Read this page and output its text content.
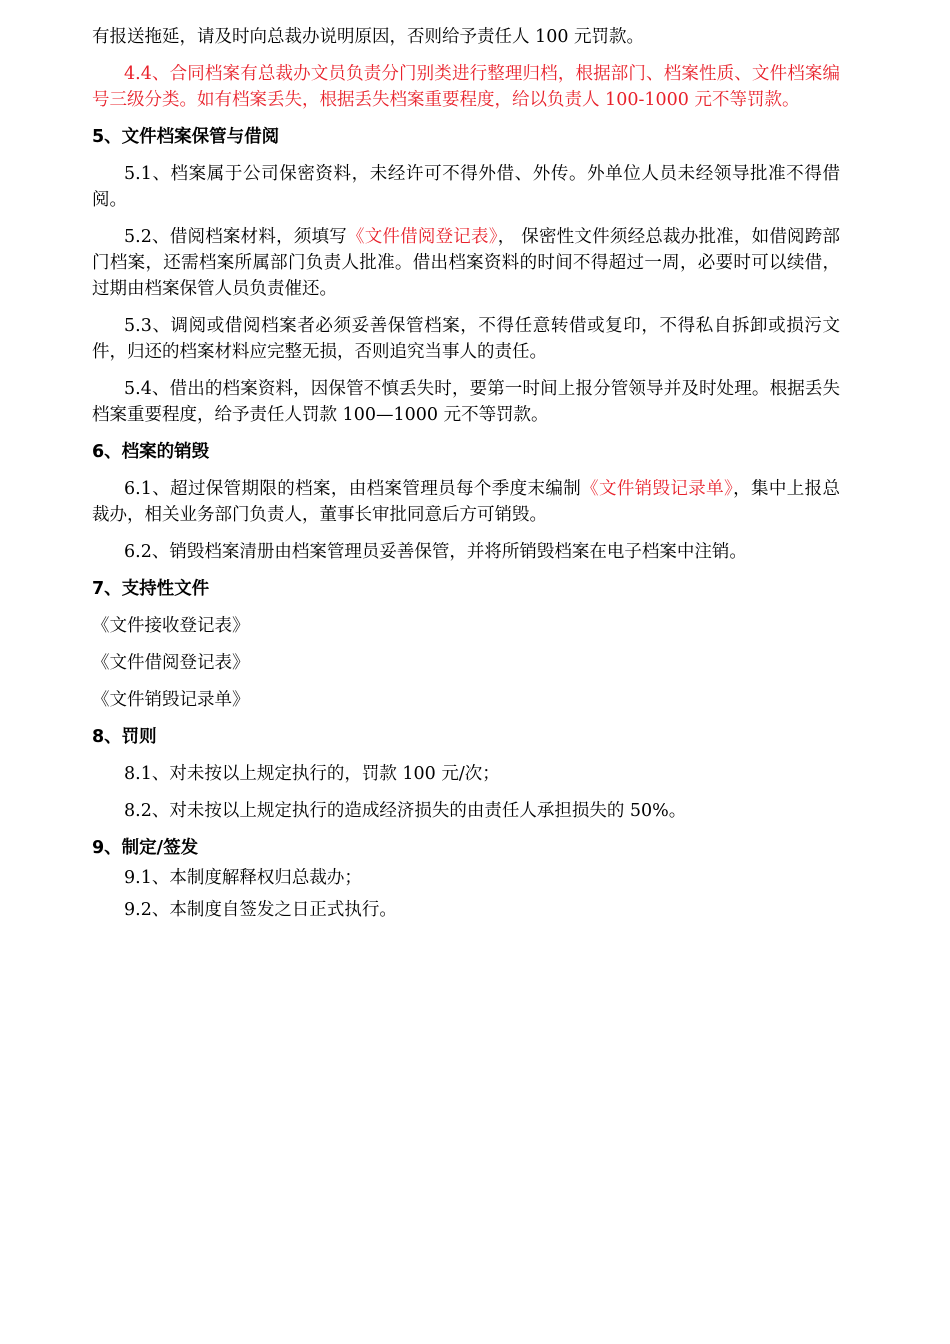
有报送拖延，请及时向总裁办说明原因，否则给予责任人 100 元罚款。

4.4、合同档案有总裁办文员负责分门别类进行整理归档，根据部门、档案性质、文件档案编号三级分类。如有档案丢失，根据丢失档案重要程度，给以负责人 100-1000 元不等罚款。

5、文件档案保管与借阅

5.1、档案属于公司保密资料，未经许可不得外借、外传。外单位人员未经领导批准不得借阅。

5.2、借阅档案材料，须填写《文件借阅登记表》， 保密性文件须经总裁办批准，如借阅跨部门档案，还需档案所属部门负责人批准。借出档案资料的时间不得超过一周，必要时可以续借，过期由档案保管人员负责催还。

5.3、调阅或借阅档案者必须妥善保管档案，不得任意转借或复印，不得私自拆卸或损污文件，归还的档案材料应完整无损，否则追究当事人的责任。

5.4、借出的档案资料，因保管不慎丢失时，要第一时间上报分管领导并及时处理。根据丢失档案重要程度，给予责任人罚款 100—1000 元不等罚款。

6、档案的销毁

6.1、超过保管期限的档案，由档案管理员每个季度末编制《文件销毁记录单》，集中上报总裁办，相关业务部门负责人，董事长审批同意后方可销毁。

6.2、销毁档案清册由档案管理员妥善保管，并将所销毁档案在电子档案中注销。

7、支持性文件

《文件接收登记表》

《文件借阅登记表》

《文件销毁记录单》

8、罚则

8.1、对未按以上规定执行的，罚款 100 元/次；

8.2、对未按以上规定执行的造成经济损失的由责任人承担损失的 50%。

9、制定/签发

9.1、本制度解释权归总裁办；

9.2、本制度自签发之日正式执行。
